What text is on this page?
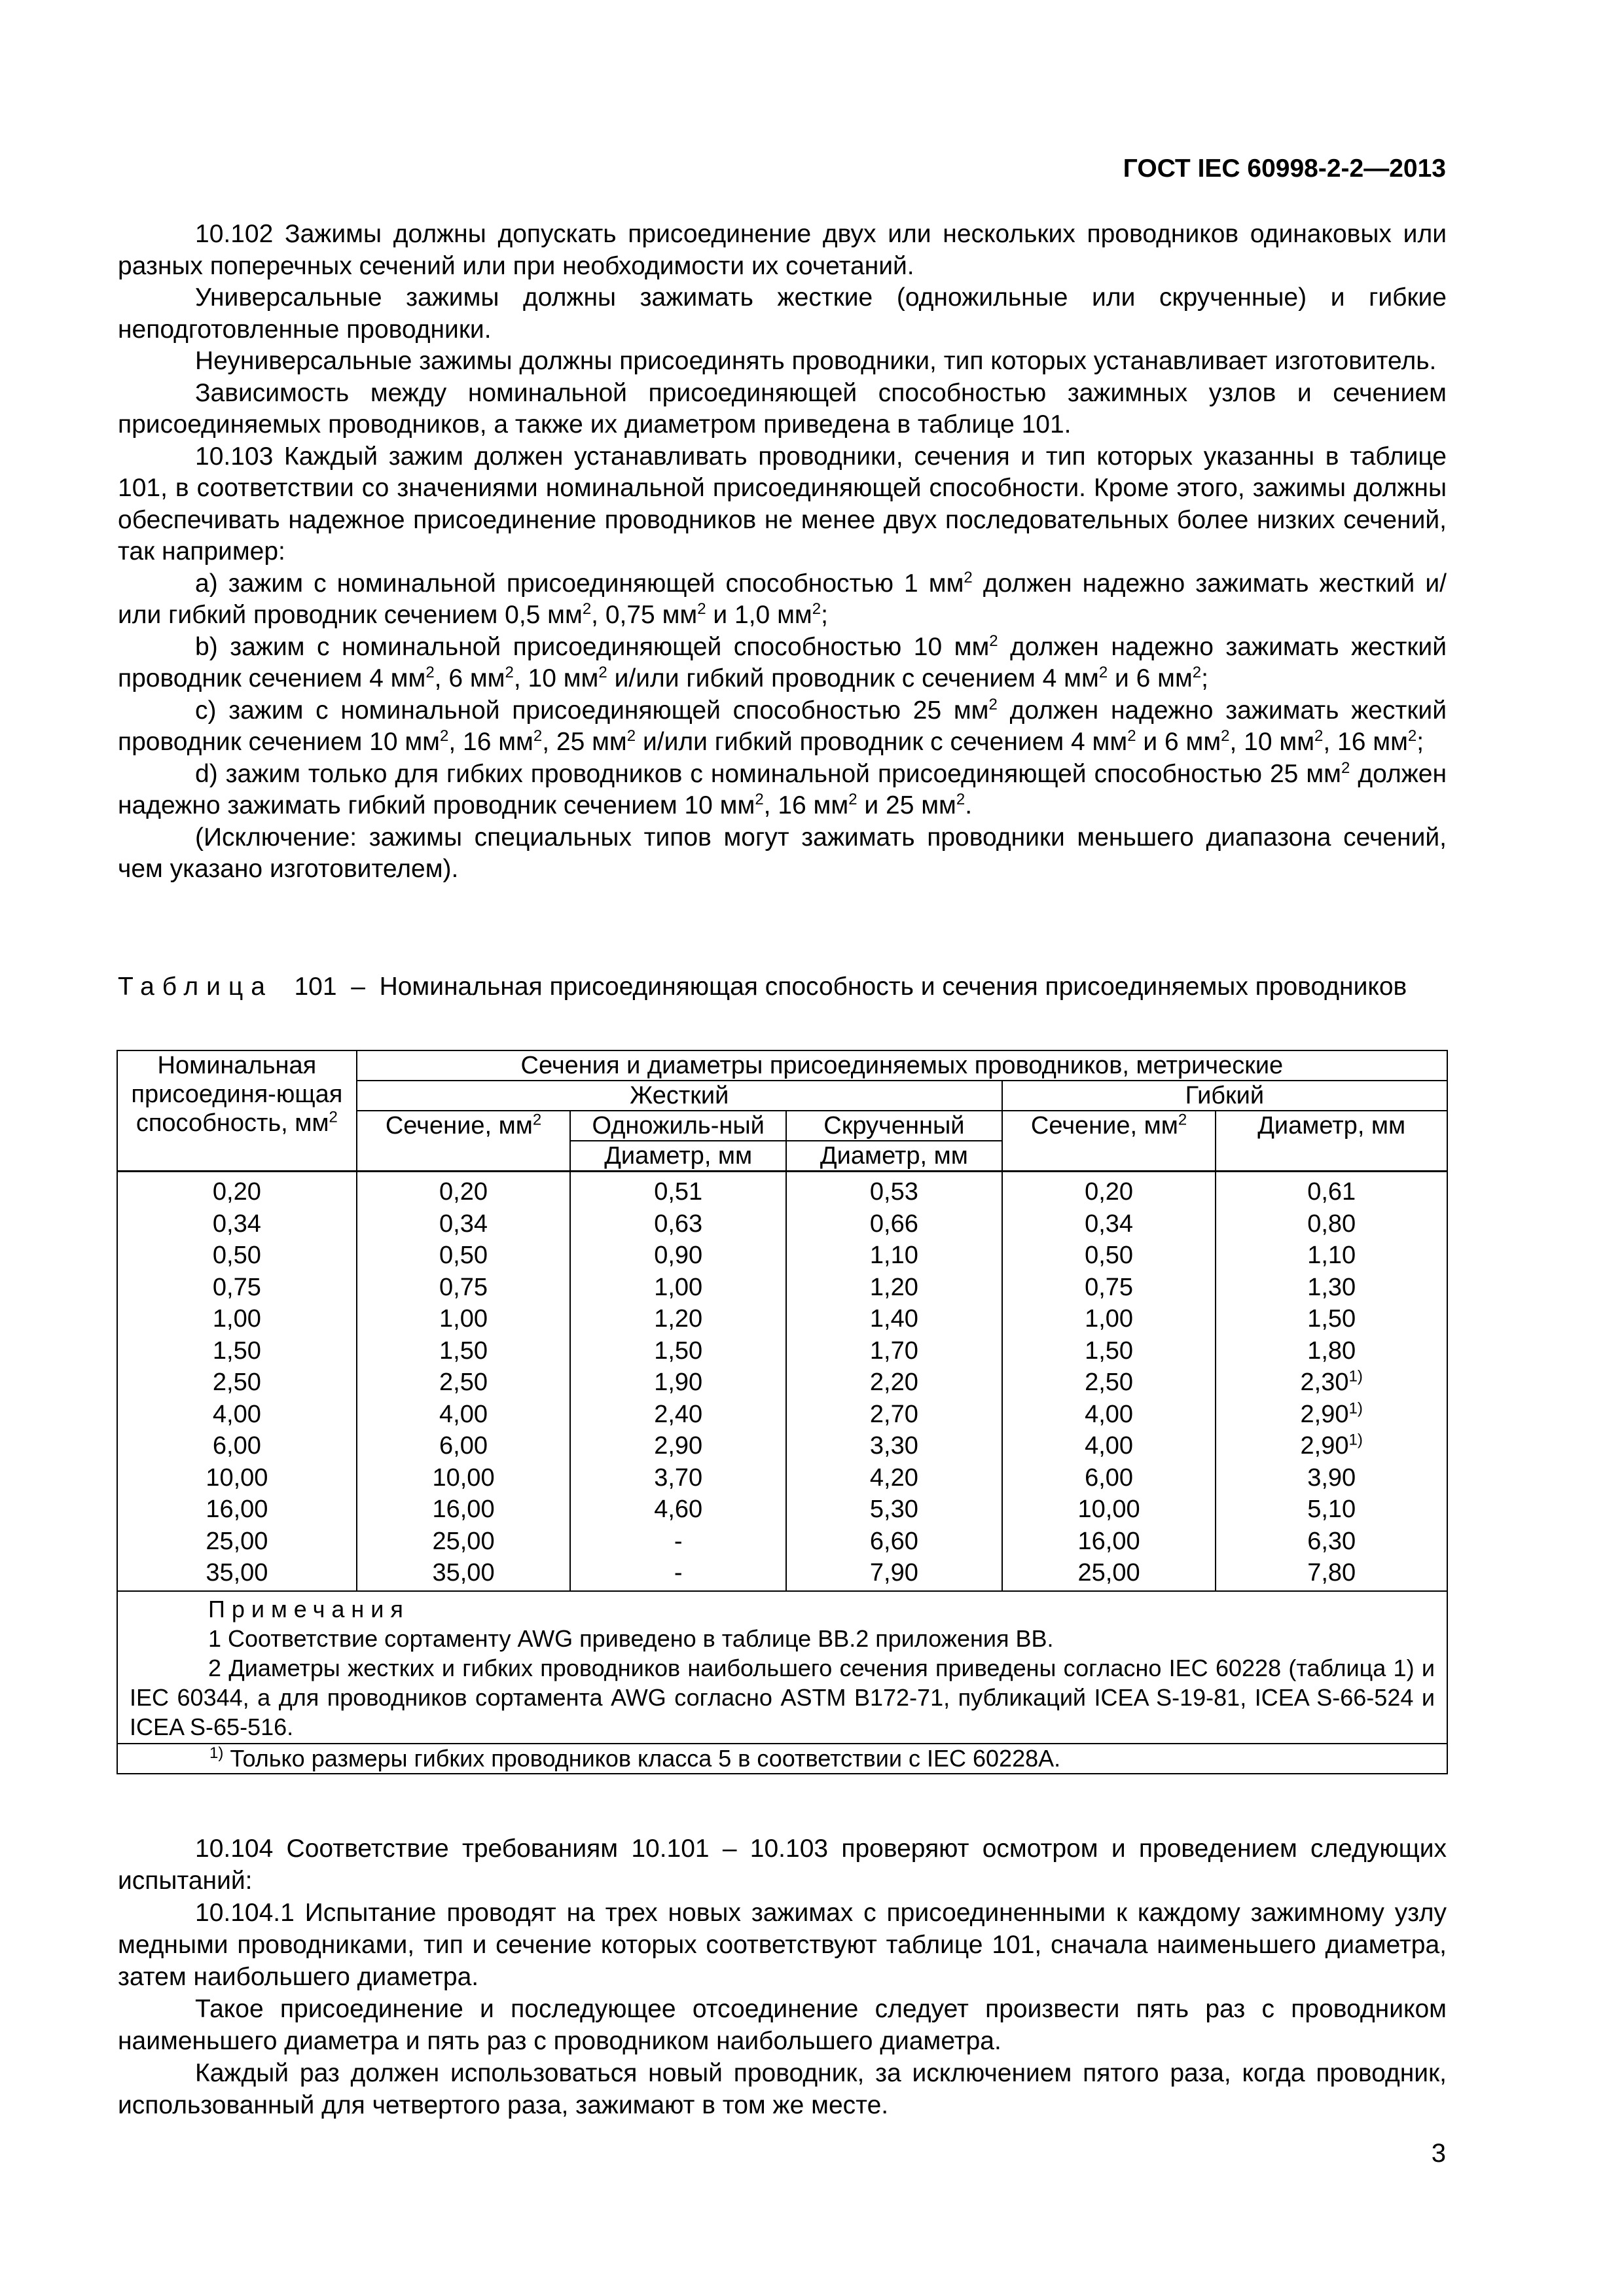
ГОСТ IEC 60998-2-2—2013

10.102 Зажимы должны допускать присоединение двух или нескольких проводников одинаковых или разных поперечных сечений или при необходимости их сочетаний.

Универсальные зажимы должны зажимать жесткие (одножильные или скрученные) и гибкие неподготовленные проводники.

Неуниверсальные зажимы должны присоединять проводники, тип которых устанавливает изготовитель.

Зависимость между номинальной присоединяющей способностью зажимных узлов и сечением присоединяемых проводников, а также их диаметром приведена в таблице 101.

10.103 Каждый зажим должен устанавливать проводники, сечения и тип которых указанны в таблице 101, в соответствии со значениями номинальной присоединяющей способности. Кроме этого, зажимы должны обеспечивать надежное присоединение проводников не менее двух последовательных более низких сечений, так например:

а) зажим с номинальной присоединяющей способностью 1 $мм^2$ должен надежно зажимать жесткий и/или гибкий проводник сечением 0,5 $мм^2$, 0,75 $мм^2$ и 1,0 $мм^2$;

b) зажим с номинальной присоединяющей способностью 10 $мм^2$ должен надежно зажимать жесткий проводник сечением 4 $мм^2$, 6 $мм^2$, 10 $мм^2$ и/или гибкий проводник с сечением 4 $мм^2$ и 6 $мм^2$;

с) зажим с номинальной присоединяющей способностью 25 $мм^2$ должен надежно зажимать жесткий проводник сечением 10 $мм^2$, 16 $мм^2$, 25 $мм^2$ и/или гибкий проводник с сечением 4 $мм^2$ и 6 $мм^2$, 10 $мм^2$, 16 $мм^2$;

d) зажим только для гибких проводников с номинальной присоединяющей способностью 25 $мм^2$ должен надежно зажимать гибкий проводник сечением 10 $мм^2$, 16 $мм^2$ и 25 $мм^2$.

(Исключение: зажимы специальных типов могут зажимать проводники меньшего диапазона сечений, чем указано изготовителем).

Таблица 101 – Номинальная присоединяющая способность и сечения присоединяемых проводников
Номинальная присоединя-ющая способность, $мм^2$	Сечения и диаметры присоединяемых проводников, метрические				
	Жесткий			Гибкий	
	Сечение, $мм^2$	Одножиль-ный	Скрученный	Сечение, $мм^2$	Диаметр, мм
		Диаметр, мм	Диаметр, мм		
0,20	0,20	0,51	0,53	0,20	0,61
0,34	0,34	0,63	0,66	0,34	0,80
0,50	0,50	0,90	1,10	0,50	1,10
0,75	0,75	1,00	1,20	0,75	1,30
1,00	1,00	1,20	1,40	1,00	1,50
1,50	1,50	1,50	1,70	1,50	1,80
2,50	2,50	1,90	2,20	2,50	2,30$^{1)}$
4,00	4,00	2,40	2,70	4,00	2,90$^{1)}$
6,00	6,00	2,90	3,30	4,00	2,90$^{1)}$
10,00	10,00	3,70	4,20	6,00	3,90
16,00	16,00	4,60	5,30	10,00	5,10
25,00	25,00	-	6,60	16,00	6,30
35,00	35,00	-	7,90	25,00	7,80

Примечания

1 Соответствие сортаменту AWG приведено в таблице ВВ.2 приложения ВВ.

2 Диаметры жестких и гибких проводников наибольшего сечения приведены согласно IEC 60228 (таблица 1) и IEC 60344, а для проводников сортамента AWG согласно ASTM B172-71, публикаций ICEA S-19-81, ICEA S-66-524 и ICEA S-65-516.					

$^{1)}$ Только размеры гибких проводников класса 5 в соответствии с IEC 60228A.					

10.104 Соответствие требованиям 10.101 – 10.103 проверяют осмотром и проведением следующих испытаний:

10.104.1 Испытание проводят на трех новых зажимах с присоединенными к каждому зажимному узлу медными проводниками, тип и сечение которых соответствуют таблице 101, сначала наименьшего диаметра, затем наибольшего диаметра.

Такое присоединение и последующее отсоединение следует произвести пять раз с проводником наименьшего диаметра и пять раз с проводником наибольшего диаметра.

Каждый раз должен использоваться новый проводник, за исключением пятого раза, когда проводник, использованный для четвертого раза, зажимают в том же месте.

3
